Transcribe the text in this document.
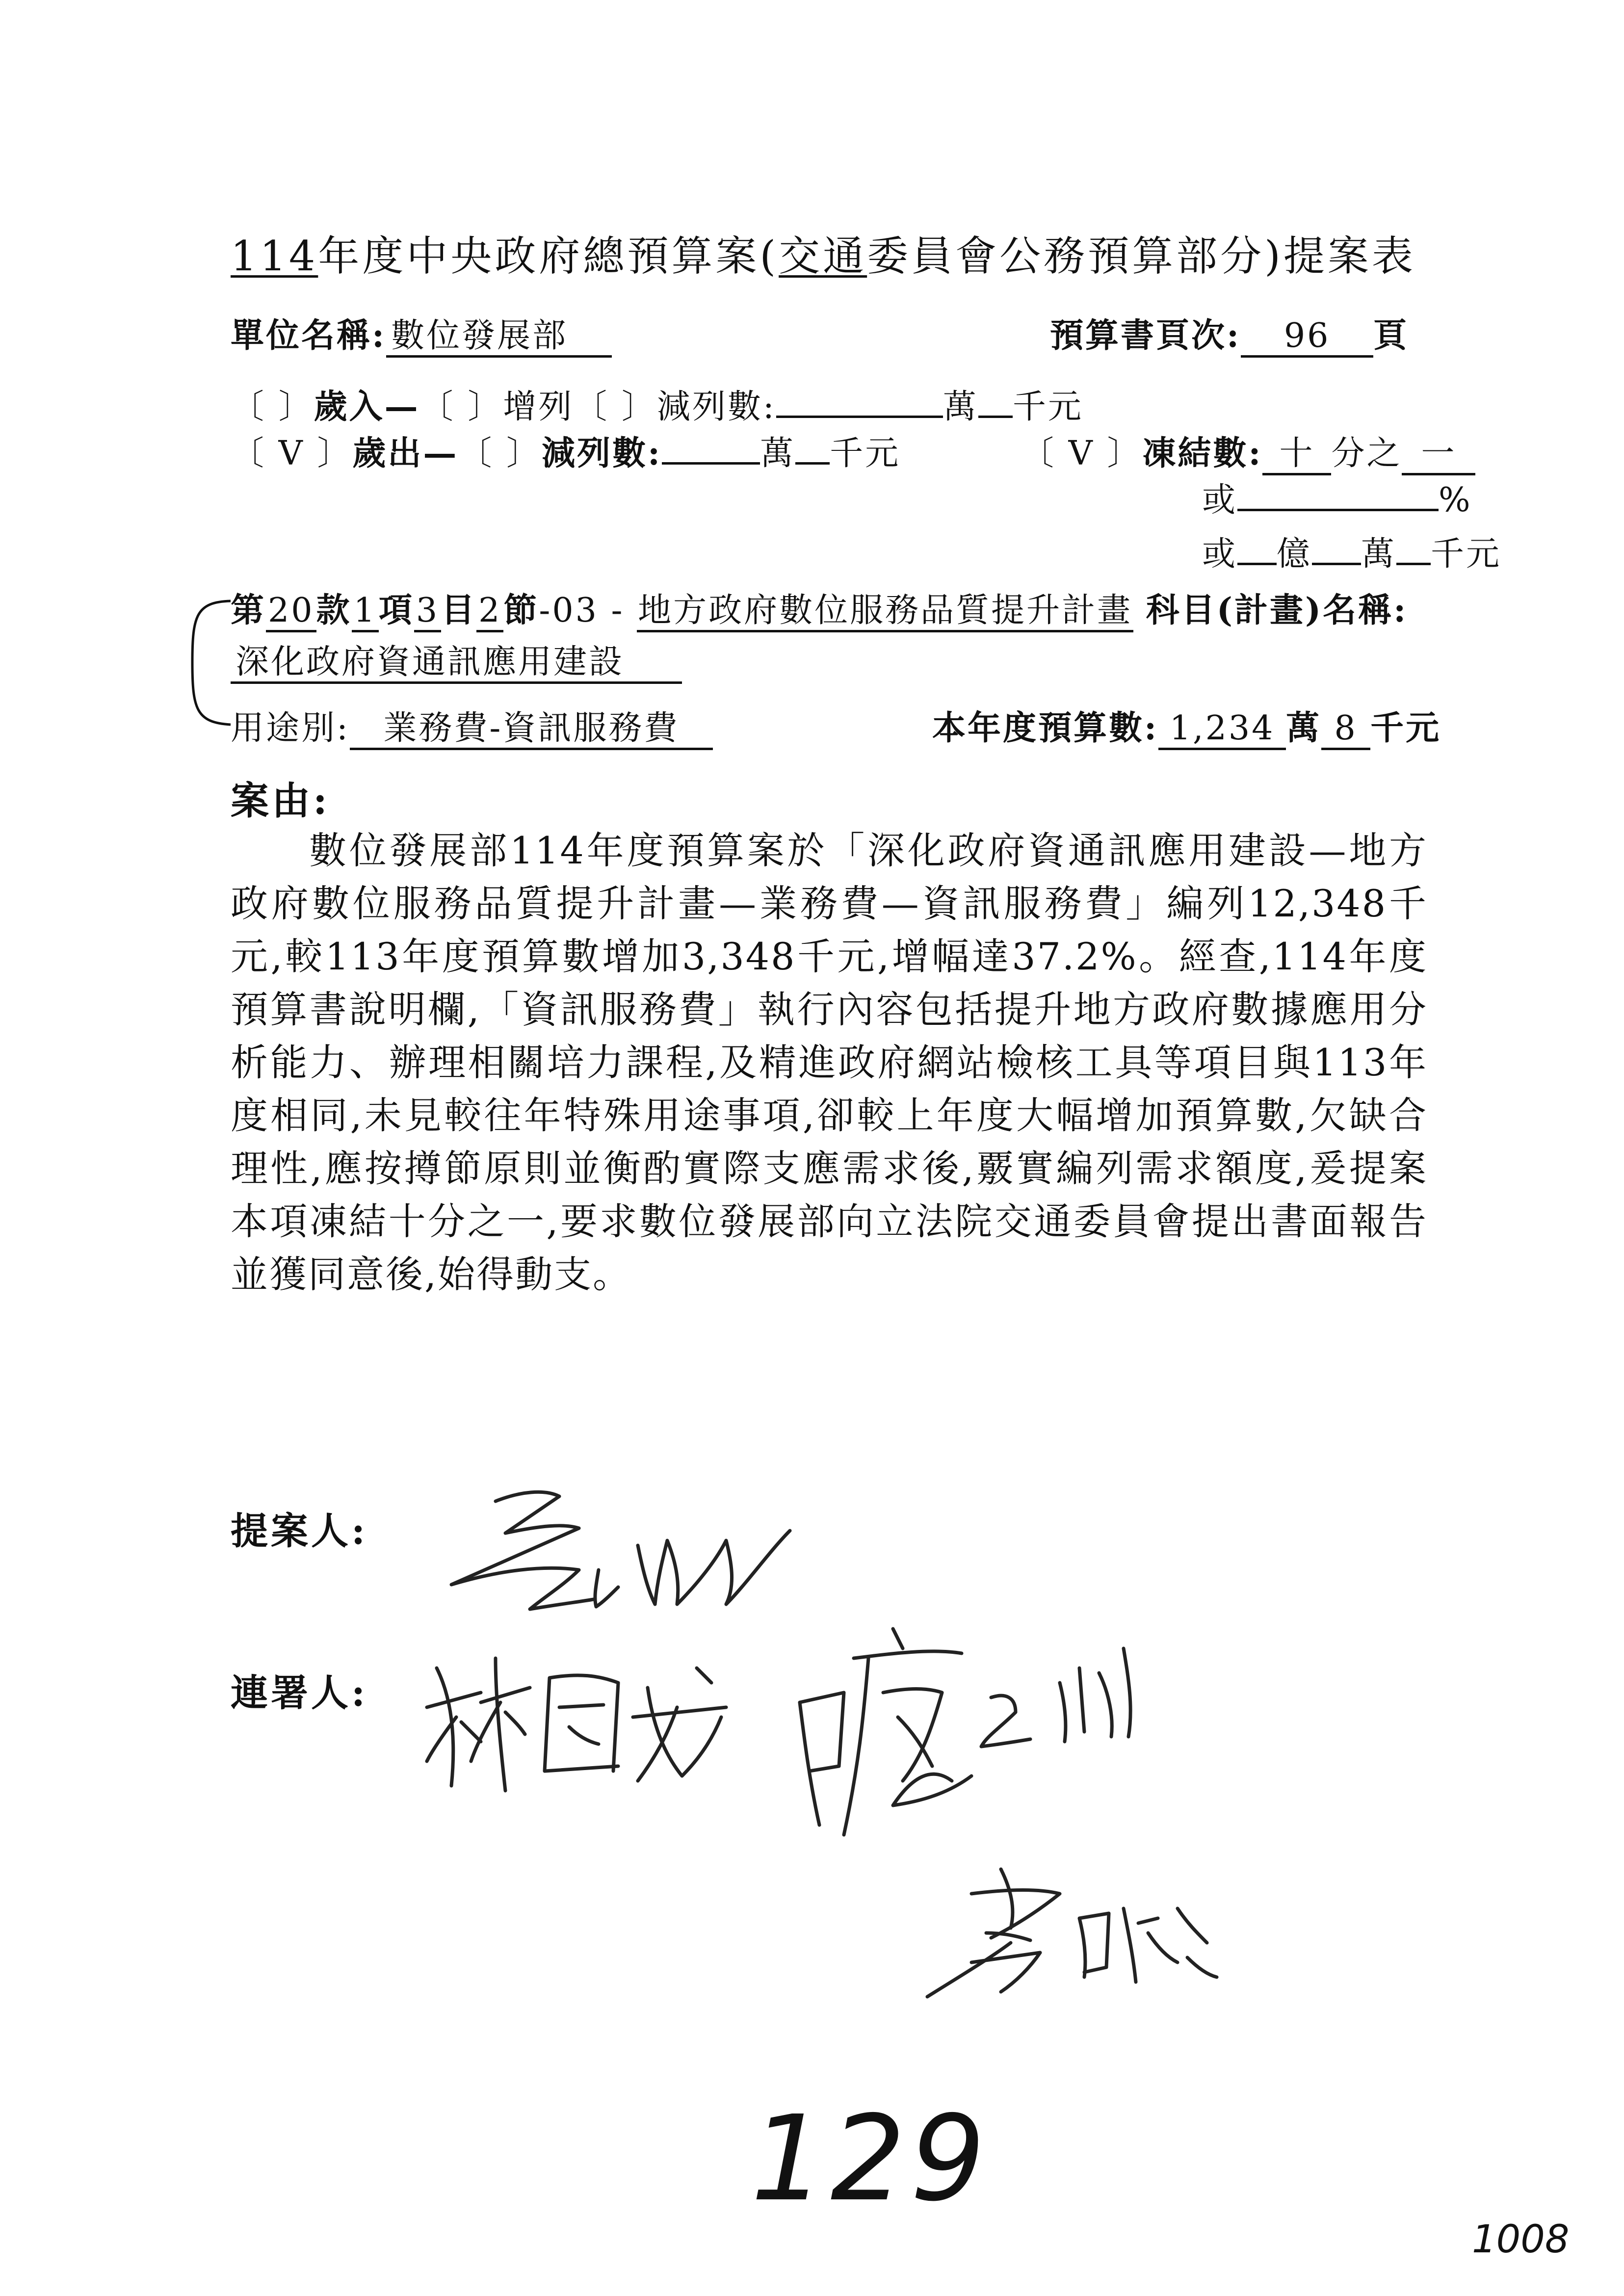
114年度中央政府總預算案(交通委員會公務預算部分)提案表
單位名稱: 數位發展部	預算書頁次: 96 頁
〔 〕歲入—〔 〕增列〔 〕減列數:	萬 千元
〔 V 〕歲出—〔 〕減列數:	萬 千元	〔 V 〕凍結數: 十 分之 一
或	%
或 億 萬 千元
第20款1項3目2節-03 - 地方政府數位服務品質提升計畫 科目(計畫)名稱:
深化政府資通訊應用建設
用途別: 業務費-資訊服務費	本年度預算數: 1,234 萬 8 千元
案由:

數位發展部114年度預算案於「深化政府資通訊應用建設—地方政府數位服務品質提升計畫—業務費—資訊服務費」編列12,348千元,較113年度預算數增加3,348千元,增幅達37.2%。經查,114年度預算書說明欄,「資訊服務費」執行內容包括提升地方政府數據應用分析能力、辦理相關培力課程,及精進政府網站檢核工具等項目與113年度相同,未見較往年特殊用途事項,卻較上年度大幅增加預算數,欠缺合理性,應按撙節原則並衡酌實際支應需求後,覈實編列需求額度,爰提案本項凍結十分之一,要求數位發展部向立法院交通委員會提出書面報告並獲同意後,始得動支。

提案人:
連署人:
129
1008
